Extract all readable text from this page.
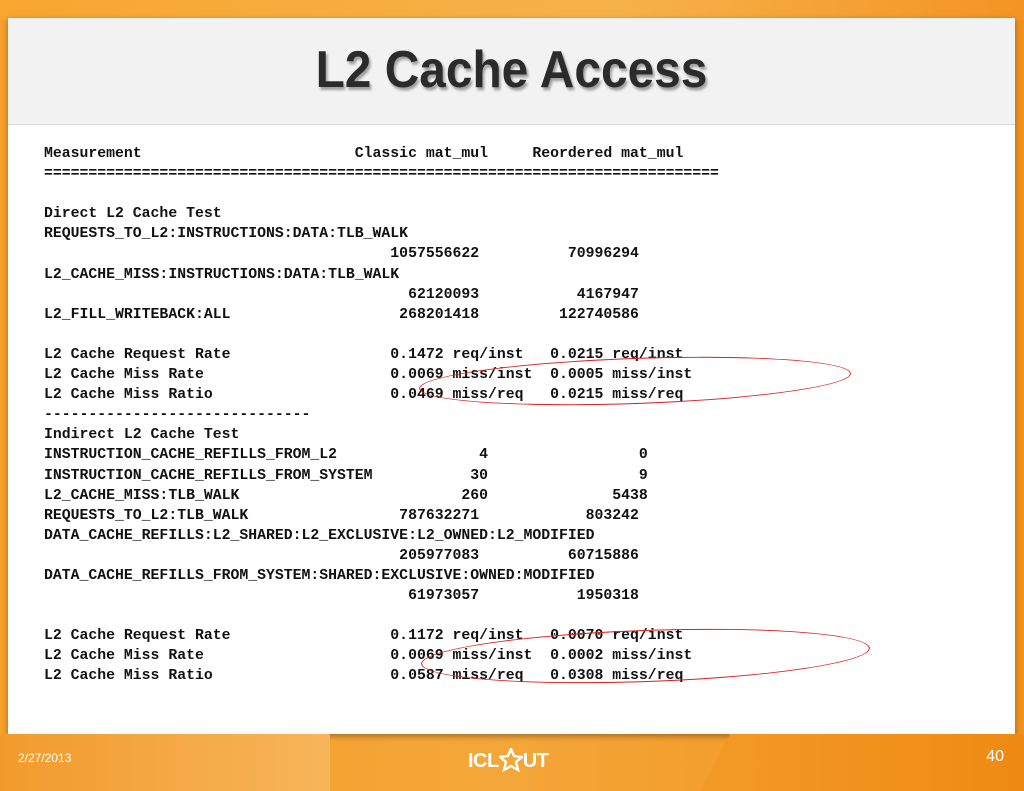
L2 Cache Access
Measurement                        Classic mat_mul     Reordered mat_mul
============================================================================
Direct L2 Cache Test
REQUESTS_TO_L2:INSTRUCTIONS:DATA:TLB_WALK
1057556622          70996294
L2_CACHE_MISS:INSTRUCTIONS:DATA:TLB_WALK
62120093           4167947
L2_FILL_WRITEBACK:ALL                   268201418         122740586
L2 Cache Request Rate                  0.1472 req/inst   0.0215 req/inst
L2 Cache Miss Rate                     0.0069 miss/inst  0.0005 miss/inst
L2 Cache Miss Ratio                    0.0469 miss/req   0.0215 miss/req
------------------------------
Indirect L2 Cache Test
INSTRUCTION_CACHE_REFILLS_FROM_L2                4                 0
INSTRUCTION_CACHE_REFILLS_FROM_SYSTEM           30                 9
L2_CACHE_MISS:TLB_WALK                         260              5438
REQUESTS_TO_L2:TLB_WALK                 787632271            803242
DATA_CACHE_REFILLS:L2_SHARED:L2_EXCLUSIVE:L2_OWNED:L2_MODIFIED
205977083          60715886
DATA_CACHE_REFILLS_FROM_SYSTEM:SHARED:EXCLUSIVE:OWNED:MODIFIED
61973057           1950318
L2 Cache Request Rate                  0.1172 req/inst   0.0070 req/inst
L2 Cache Miss Rate                     0.0069 miss/inst  0.0002 miss/inst
L2 Cache Miss Ratio                    0.0587 miss/req   0.0308 miss/req
2/27/2013	ICL UT	40
